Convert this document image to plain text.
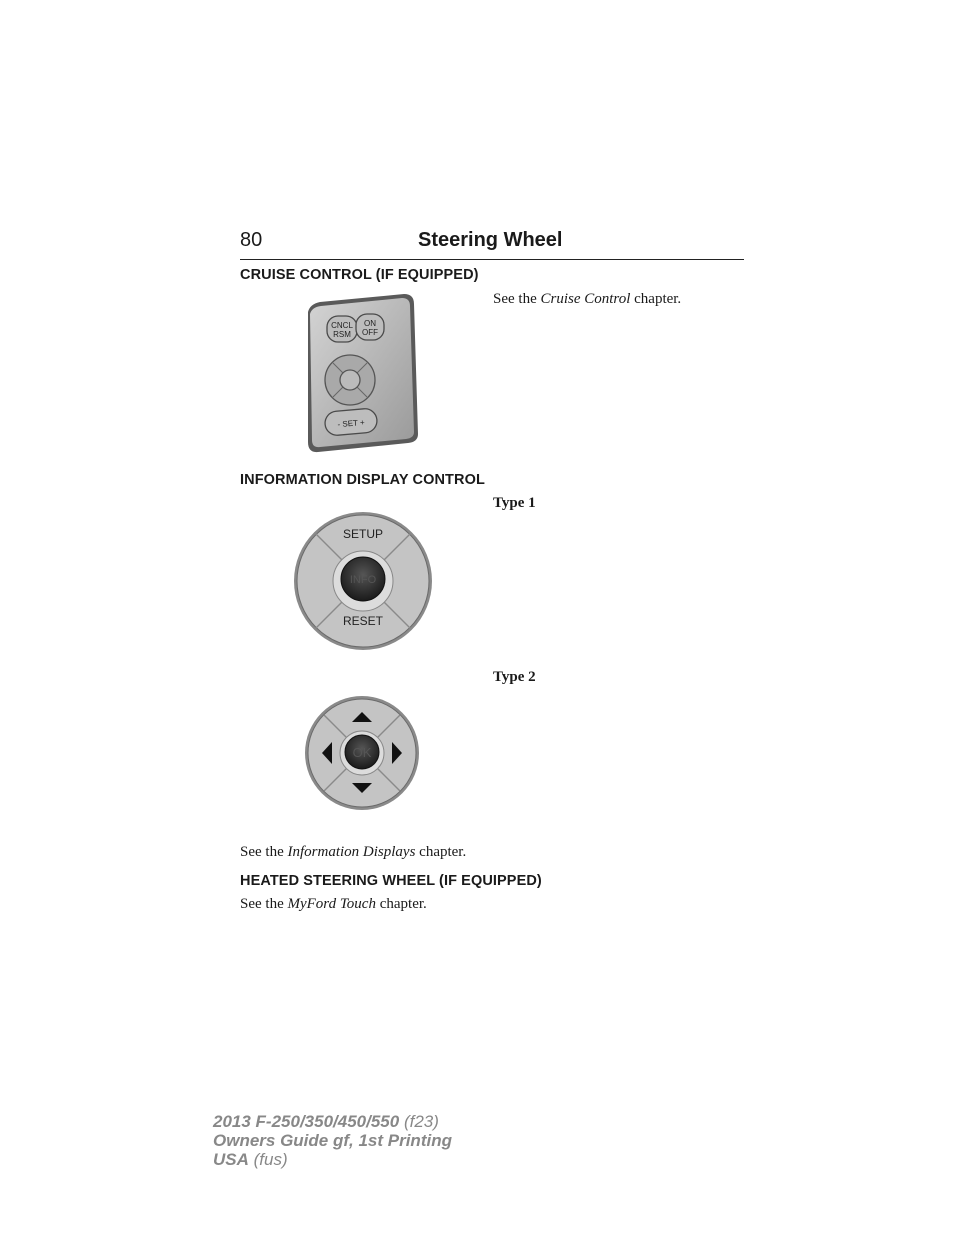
80	Steering Wheel
CRUISE CONTROL (IF EQUIPPED)
See the Cruise Control chapter.
CNCL
RSM
ON
OFF
- SET +
INFORMATION DISPLAY CONTROL
Type 1
SETUP
INFO
RESET
Type 2
OK
See the Information Displays chapter.
HEATED STEERING WHEEL (IF EQUIPPED)
See the MyFord Touch chapter.
2013 F-250/350/450/550 (f23)
Owners Guide gf, 1st Printing
USA (fus)
